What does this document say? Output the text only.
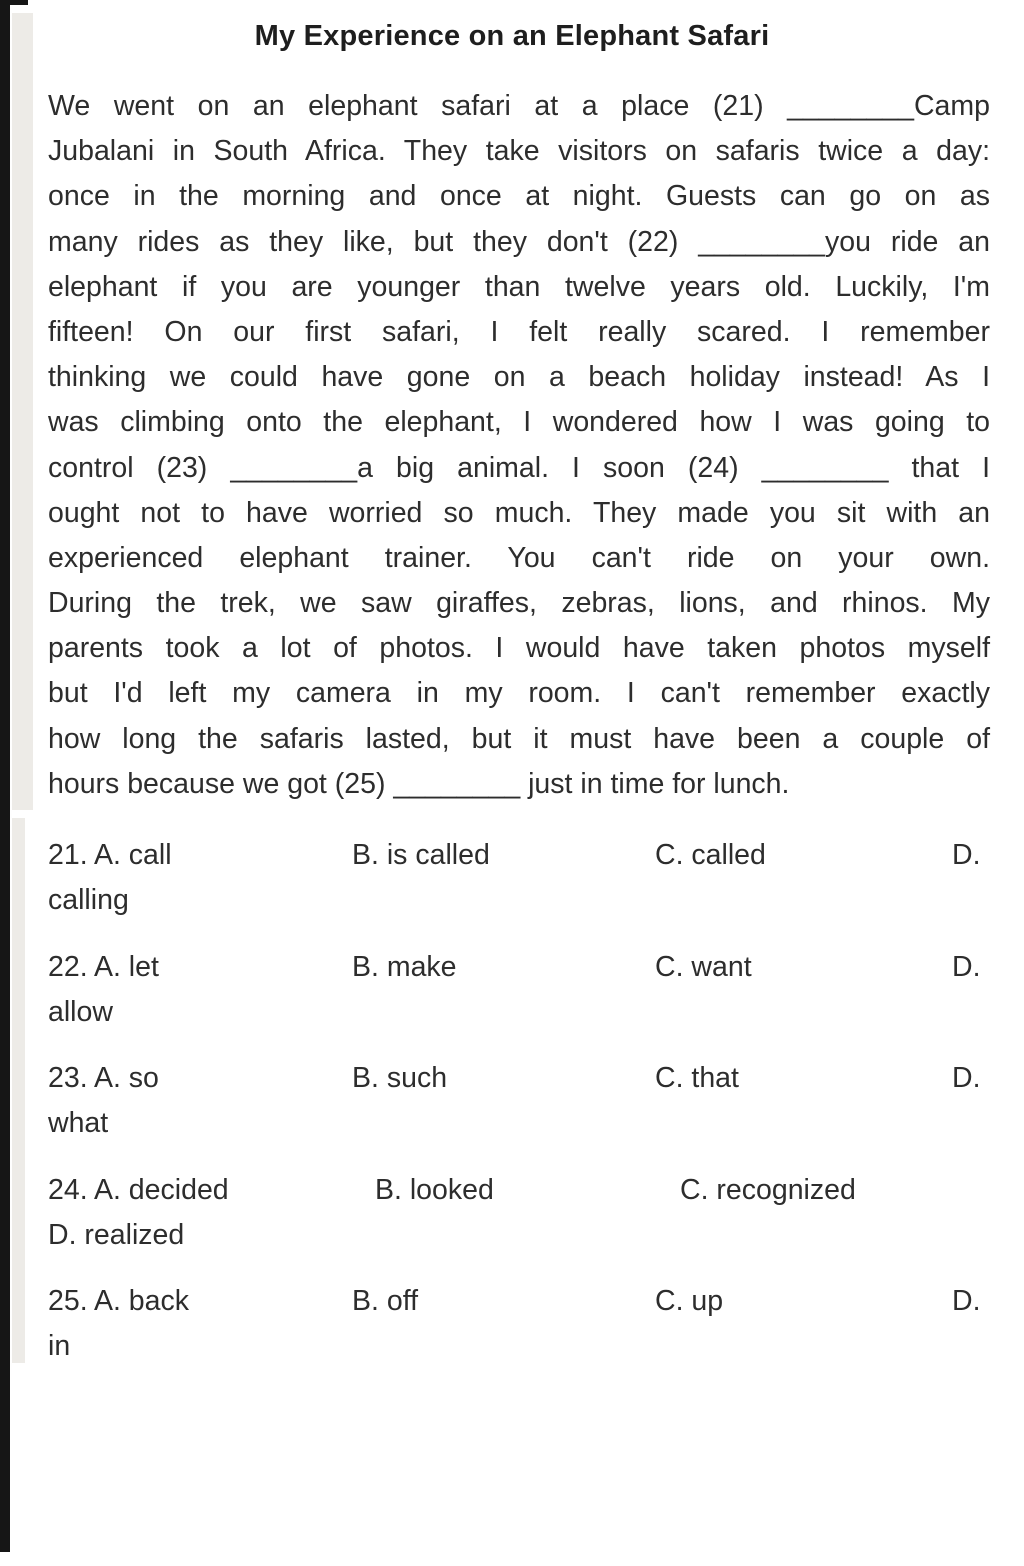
My Experience on an Elephant Safari
We went on an elephant safari at a place (21) ________Camp
Jubalani in South Africa. They take visitors on safaris twice a day:
once in the morning and once at night. Guests can go on as
many rides as they like, but they don't (22) ________you ride an
elephant if you are younger than twelve years old. Luckily, I'm
fifteen! On our first safari, I felt really scared. I remember
thinking we could have gone on a beach holiday instead! As I
was climbing onto the elephant, I wondered how I was going to
control (23) ________a big animal. I soon (24) ________ that I
ought not to have worried so much. They made you sit with an
experienced elephant trainer. You can't ride on your own.
During the trek, we saw giraffes, zebras, lions, and rhinos. My
parents took a lot of photos. I would have taken photos myself
but I'd left my camera in my room. I can't remember exactly
how long the safaris lasted, but it must have been a couple of
hours because we got (25) ________ just in time for lunch.
21. A. call	B. is called	C. called	D.
calling
22. A. let	B. make	C. want	D.
allow
23. A. so	B. such	C. that	D.
what
24. A. decided	B. looked	C. recognized
D. realized
25. A. back	B. off	C. up	D.
in
